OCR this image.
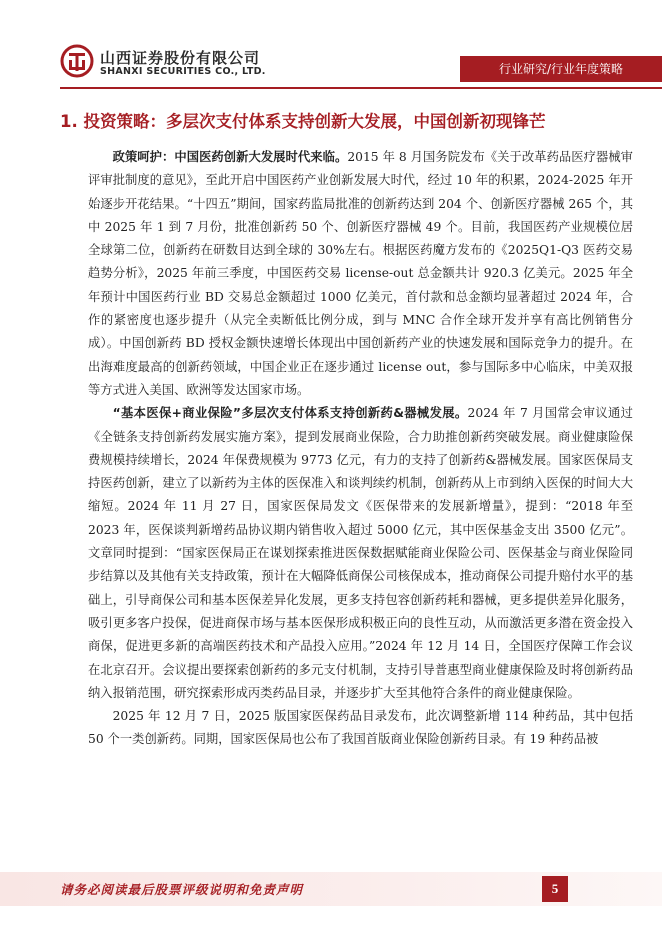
山西证券股份有限公司
SHANXI SECURITIES CO., LTD.	行业研究/行业年度策略
1. 投资策略：多层次支付体系支持创新大发展，中国创新初现锋芒

政策呵护：中国医药创新大发展时代来临。2015 年 8 月国务院发布《关于改革药品医疗器械审评审批制度的意见》，至此开启中国医药产业创新发展大时代，经过 10 年的积累，2024-2025 年开始逐步开花结果。“十四五”期间，国家药监局批准的创新药达到 204 个、创新医疗器械 265 个，其中 2025 年 1 到 7 月份，批准创新药 50 个、创新医疗器械 49 个。目前，我国医药产业规模位居全球第二位，创新药在研数目达到全球的 30%左右。根据医药魔方发布的《2025Q1-Q3 医药交易趋势分析》，2025 年前三季度，中国医药交易 license-out 总金额共计 920.3 亿美元。2025 年全年预计中国医药行业 BD 交易总金额超过 1000 亿美元，首付款和总金额均显著超过 2024 年，合作的紧密度也逐步提升（从完全卖断低比例分成，到与 MNC 合作全球开发并享有高比例销售分成）。中国创新药 BD 授权金额快速增长体现出中国创新药产业的快速发展和国际竞争力的提升。在出海难度最高的创新药领域，中国企业正在逐步通过 license out，参与国际多中心临床，中美双报等方式进入美国、欧洲等发达国家市场。

“基本医保+商业保险”多层次支付体系支持创新药&器械发展。2024 年 7 月国常会审议通过《全链条支持创新药发展实施方案》，提到发展商业保险，合力助推创新药突破发展。商业健康险保费规模持续增长，2024 年保费规模为 9773 亿元，有力的支持了创新药&器械发展。国家医保局支持医药创新，建立了以新药为主体的医保准入和谈判续约机制，创新药从上市到纳入医保的时间大大缩短。2024 年 11 月 27 日，国家医保局发文《医保带来的发展新增量》，提到：“2018 年至 2023 年，医保谈判新增药品协议期内销售收入超过 5000 亿元，其中医保基金支出 3500 亿元”。文章同时提到：“国家医保局正在谋划探索推进医保数据赋能商业保险公司、医保基金与商业保险同步结算以及其他有关支持政策，预计在大幅降低商保公司核保成本，推动商保公司提升赔付水平的基础上，引导商保公司和基本医保差异化发展，更多支持包容创新药耗和器械，更多提供差异化服务，吸引更多客户投保，促进商保市场与基本医保形成积极正向的良性互动，从而激活更多潜在资金投入商保，促进更多新的高端医药技术和产品投入应用。”2024 年 12 月 14 日，全国医疗保障工作会议在北京召开。会议提出要探索创新药的多元支付机制，支持引导普惠型商业健康保险及时将创新药品纳入报销范围，研究探索形成丙类药品目录，并逐步扩大至其他符合条件的商业健康保险。

2025 年 12 月 7 日，2025 版国家医保药品目录发布，此次调整新增 114 种药品，其中包括 50 个一类创新药。同期，国家医保局也公布了我国首版商业保险创新药目录。有 19 种药品被

请务必阅读最后股票评级说明和免责声明	5
